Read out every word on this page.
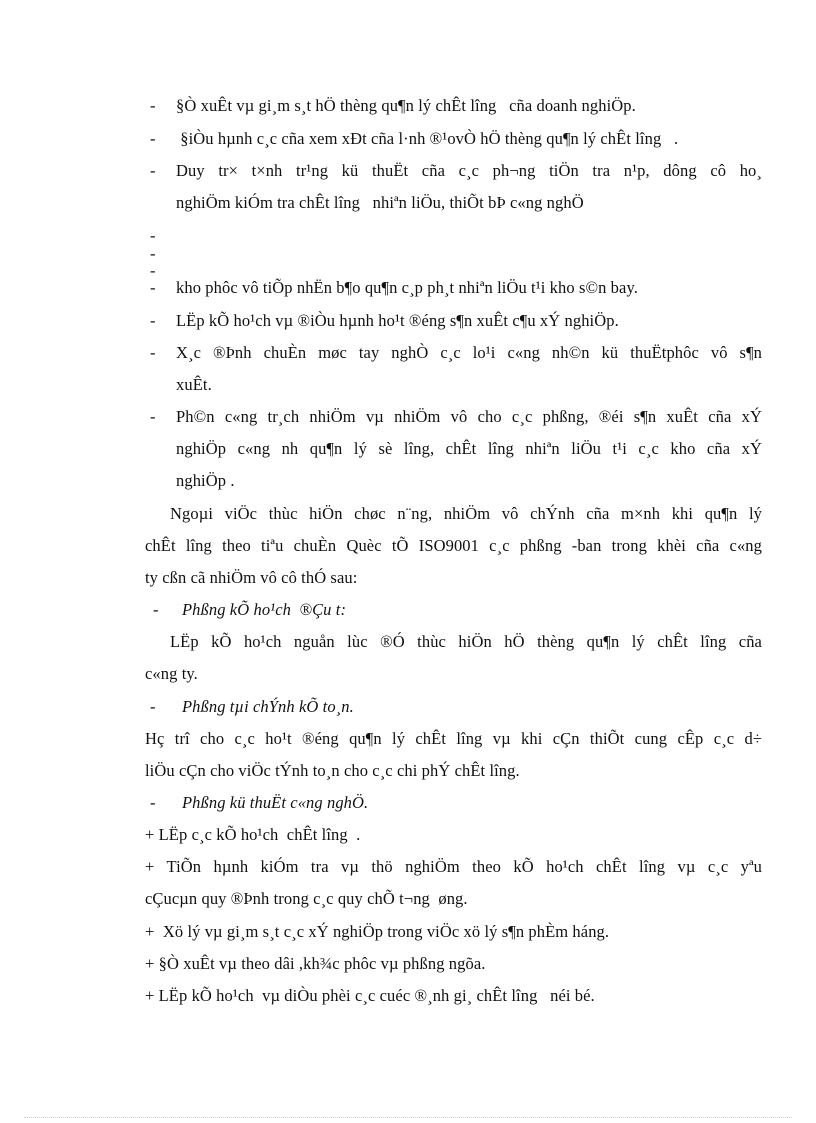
-	§Ò xuÊt vµ gi¸m s¸t hÖ thèng qu¶n lý chÊt lîng   cña doanh nghiÖp.
-	§iÒu hµnh c¸c cña xem xÐt cña l·nh ®¹ovÒ hÖ thèng qu¶n lý chÊt lîng   .
-	Duy tr× t×nh tr¹ng kü thuËt cña c¸c ph¬ng tiÖn tra n¹p, dông cô ho¸
nghiÖm kiÓm tra chÊt lîng   nhiªn liÖu, thiÕt bÞ c«ng nghÖ
-
-
-
-	kho phôc vô tiÕp nhËn b¶o qu¶n c¸p ph¸t nhiªn liÖu t¹i kho s©n bay.
-	LËp kÕ ho¹ch vµ ®iÒu hµnh ho¹t ®éng s¶n xuÊt c¶u xÝ nghiÖp.
-	X¸c ®Þnh chuÈn møc tay nghÒ c¸c lo¹i c«ng nh©n kü thuËtphôc vô s¶n
xuÊt.
-	Ph©n c«ng tr¸ch nhiÖm vµ nhiÖm vô cho c¸c phßng, ®éi s¶n xuÊt cña xÝ
nghiÖp c«ng nh qu¶n lý sè lîng, chÊt lîng nhiªn liÖu t¹i c¸c kho cña xÝ
nghiÖp .
Ngoµi viÖc thùc hiÖn chøc n¨ng, nhiÖm vô chÝnh cña m×nh khi qu¶n lý
chÊt lîng theo tiªu chuÈn Quèc tÕ ISO9001 c¸c phßng -ban trong khèi cña c«ng
ty cßn cã nhiÖm vô cô thÓ sau:
-	Phßng kÕ ho¹ch  ®Çu t:
LËp kÕ ho¹ch nguån lùc ®Ó thùc hiÖn hÖ thèng qu¶n lý chÊt lîng cña
c«ng ty.
-	Phßng tµi chÝnh kÕ to¸n.
Hç trî cho c¸c ho¹t ®éng qu¶n lý chÊt lîng vµ khi cÇn thiÕt cung cÊp c¸c d÷
liÖu cÇn cho viÖc tÝnh to¸n cho c¸c chi phÝ chÊt lîng.
-	Phßng kü thuËt c«ng nghÖ.
+ LËp c¸c kÕ ho¹ch  chÊt lîng  .
+ TiÕn hµnh kiÓm tra vµ thö nghiÖm theo kÕ ho¹ch chÊt lîng vµ c¸c yªu
cÇucµn quy ®Þnh trong c¸c quy chÕ t¬ng  øng.
+  Xö lý vµ gi¸m s¸t c¸c xÝ nghiÖp trong viÖc xö lý s¶n phÈm háng.
+ §Ò xuÊt vµ theo dâi ,kh¾c phôc vµ phßng ngõa.
+ LËp kÕ ho¹ch  vµ diÒu phèi c¸c cuéc ®¸nh gi¸ chÊt lîng   néi bé.
